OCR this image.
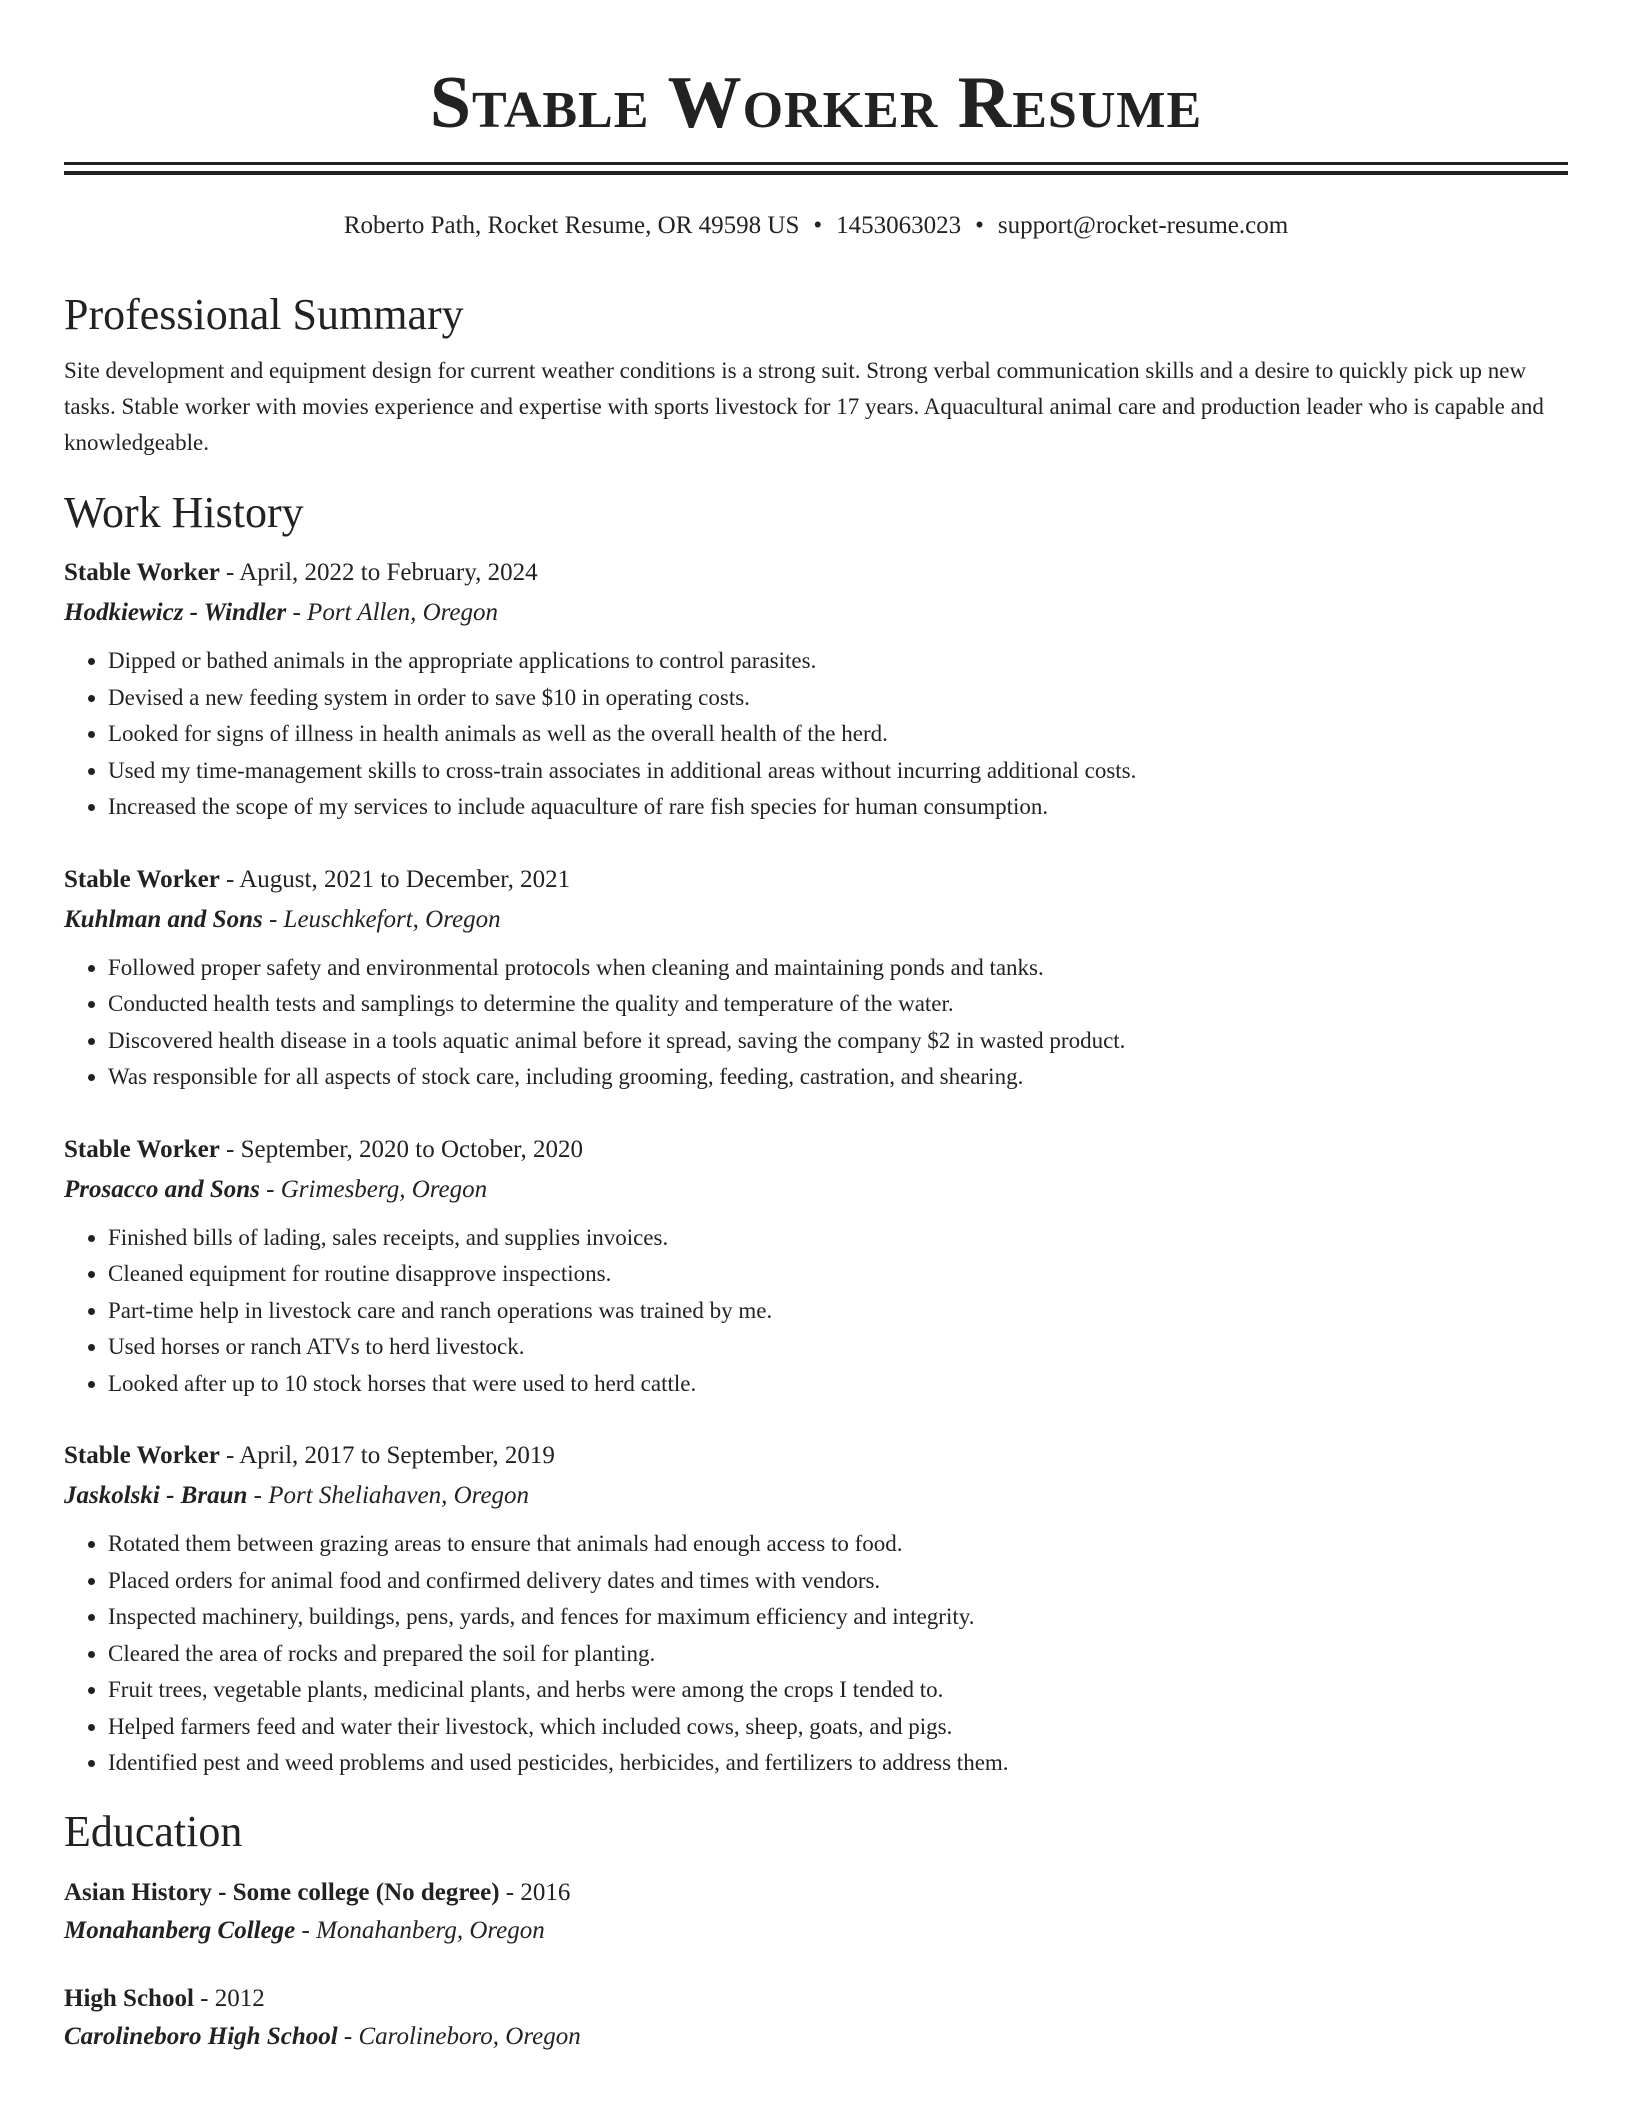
Stable Worker Resume
Roberto Path, Rocket Resume, OR 49598 US • 1453063023 • support@rocket-resume.com
Professional Summary
Site development and equipment design for current weather conditions is a strong suit. Strong verbal communication skills and a desire to quickly pick up new tasks. Stable worker with movies experience and expertise with sports livestock for 17 years. Aquacultural animal care and production leader who is capable and knowledgeable.
Work History
Stable Worker - April, 2022 to February, 2024
Hodkiewicz - Windler - Port Allen, Oregon
• Dipped or bathed animals in the appropriate applications to control parasites.
• Devised a new feeding system in order to save $10 in operating costs.
• Looked for signs of illness in health animals as well as the overall health of the herd.
• Used my time-management skills to cross-train associates in additional areas without incurring additional costs.
• Increased the scope of my services to include aquaculture of rare fish species for human consumption.
Stable Worker - August, 2021 to December, 2021
Kuhlman and Sons - Leuschkefort, Oregon
• Followed proper safety and environmental protocols when cleaning and maintaining ponds and tanks.
• Conducted health tests and samplings to determine the quality and temperature of the water.
• Discovered health disease in a tools aquatic animal before it spread, saving the company $2 in wasted product.
• Was responsible for all aspects of stock care, including grooming, feeding, castration, and shearing.
Stable Worker - September, 2020 to October, 2020
Prosacco and Sons - Grimesberg, Oregon
• Finished bills of lading, sales receipts, and supplies invoices.
• Cleaned equipment for routine disapprove inspections.
• Part-time help in livestock care and ranch operations was trained by me.
• Used horses or ranch ATVs to herd livestock.
• Looked after up to 10 stock horses that were used to herd cattle.
Stable Worker - April, 2017 to September, 2019
Jaskolski - Braun - Port Sheliahaven, Oregon
• Rotated them between grazing areas to ensure that animals had enough access to food.
• Placed orders for animal food and confirmed delivery dates and times with vendors.
• Inspected machinery, buildings, pens, yards, and fences for maximum efficiency and integrity.
• Cleared the area of rocks and prepared the soil for planting.
• Fruit trees, vegetable plants, medicinal plants, and herbs were among the crops I tended to.
• Helped farmers feed and water their livestock, which included cows, sheep, goats, and pigs.
• Identified pest and weed problems and used pesticides, herbicides, and fertilizers to address them.
Education
Asian History - Some college (No degree) - 2016
Monahanberg College - Monahanberg, Oregon
High School - 2012
Carolineboro High School - Carolineboro, Oregon
